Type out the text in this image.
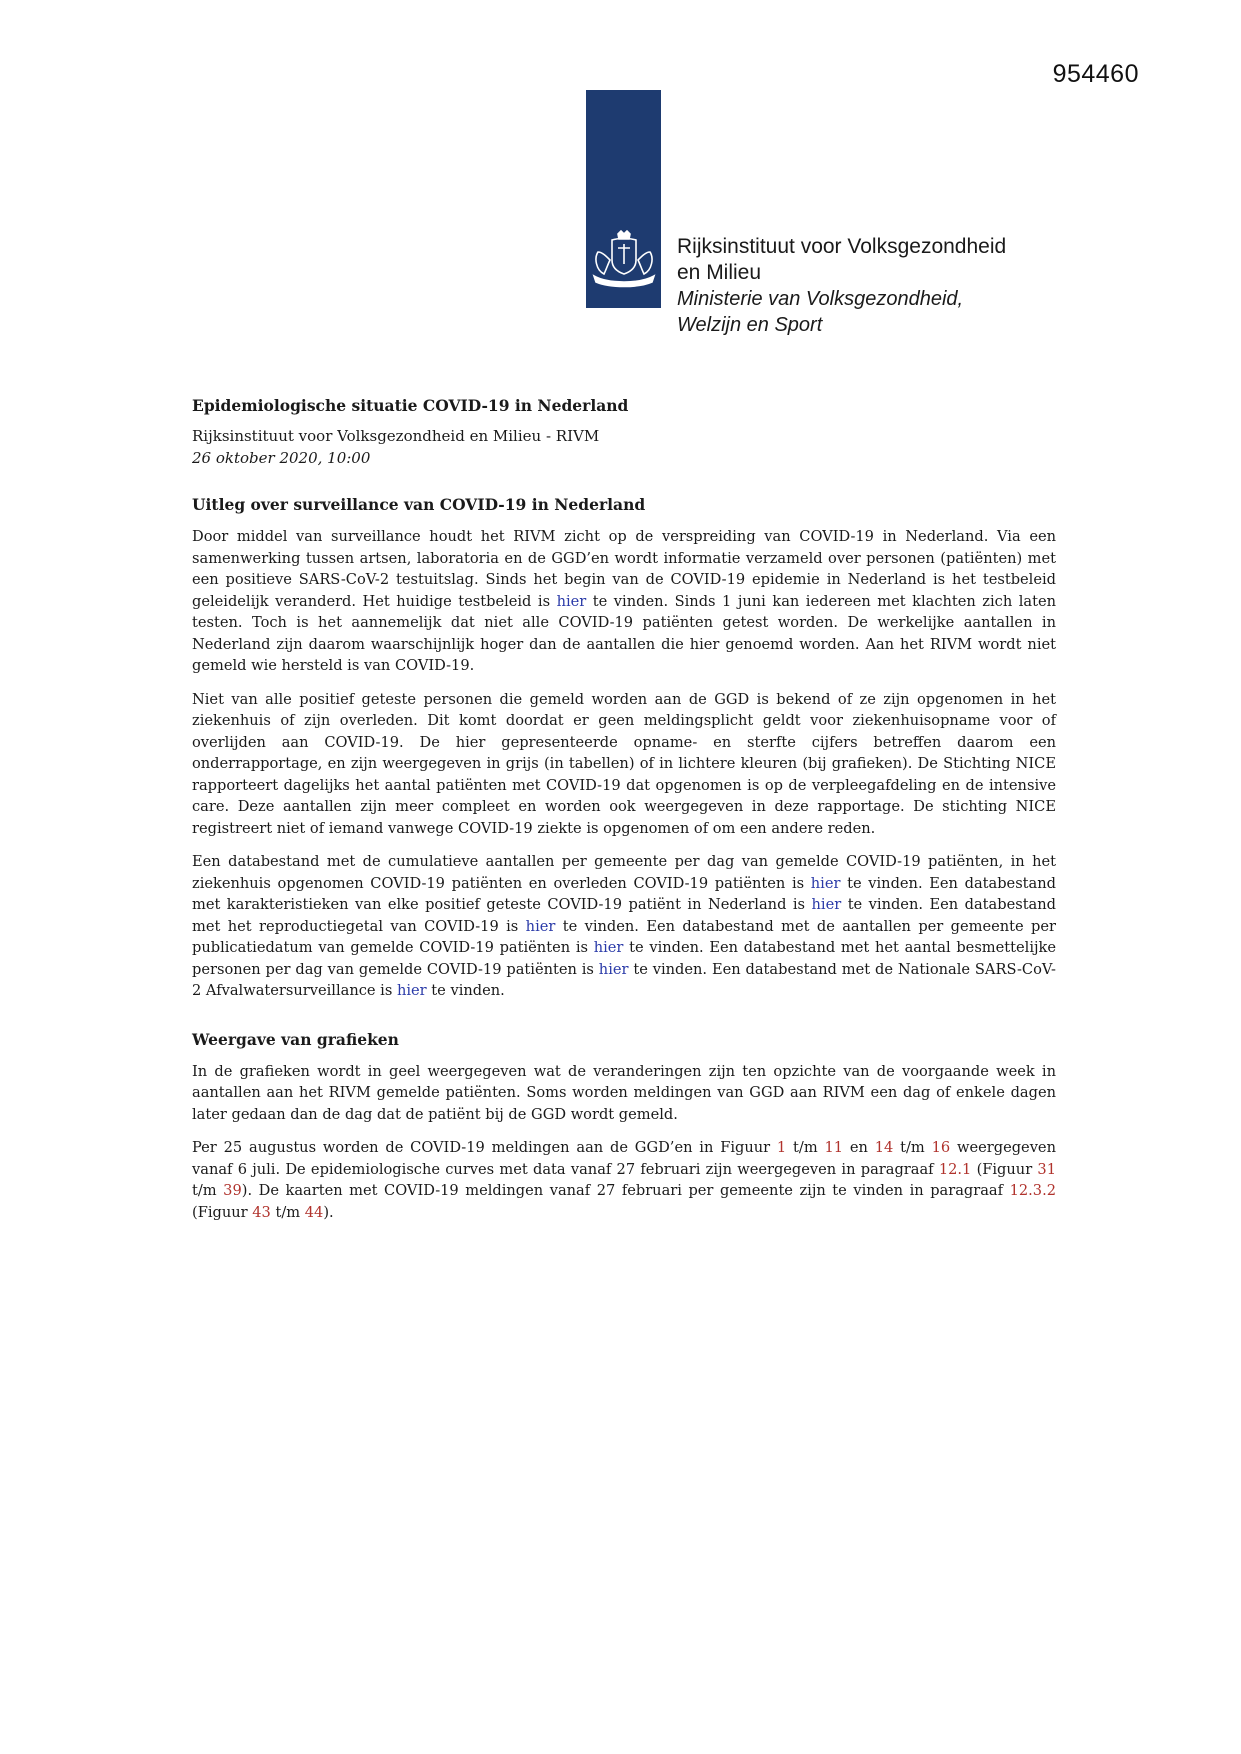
954460
Rijksinstituut voor Volksgezondheid
en Milieu
Ministerie van Volksgezondheid,
Welzijn en Sport
Epidemiologische situatie COVID-19 in Nederland
Rijksinstituut voor Volksgezondheid en Milieu - RIVM
26 oktober 2020, 10:00
Uitleg over surveillance van COVID-19 in Nederland

Door middel van surveillance houdt het RIVM zicht op de verspreiding van COVID-19 in Nederland. Via een samenwerking tussen artsen, laboratoria en de GGD’en wordt informatie verzameld over personen (patiënten) met een positieve SARS-CoV-2 testuitslag. Sinds het begin van de COVID-19 epidemie in Nederland is het testbeleid geleidelijk veranderd. Het huidige testbeleid is hier te vinden. Sinds 1 juni kan iedereen met klachten zich laten testen. Toch is het aannemelijk dat niet alle COVID-19 patiënten getest worden. De werkelijke aantallen in Nederland zijn daarom waarschijnlijk hoger dan de aantallen die hier genoemd worden. Aan het RIVM wordt niet gemeld wie hersteld is van COVID-19.

Niet van alle positief geteste personen die gemeld worden aan de GGD is bekend of ze zijn opgenomen in het ziekenhuis of zijn overleden. Dit komt doordat er geen meldingsplicht geldt voor ziekenhuisopname voor of overlijden aan COVID-19. De hier gepresenteerde opname- en sterfte cijfers betreffen daarom een onderrapportage, en zijn weergegeven in grijs (in tabellen) of in lichtere kleuren (bij grafieken). De Stichting NICE rapporteert dagelijks het aantal patiënten met COVID-19 dat opgenomen is op de verpleegafdeling en de intensive care. Deze aantallen zijn meer compleet en worden ook weergegeven in deze rapportage. De stichting NICE registreert niet of iemand vanwege COVID-19 ziekte is opgenomen of om een andere reden.

Een databestand met de cumulatieve aantallen per gemeente per dag van gemelde COVID-19 patiënten, in het ziekenhuis opgenomen COVID-19 patiënten en overleden COVID-19 patiënten is hier te vinden. Een databestand met karakteristieken van elke positief geteste COVID-19 patiënt in Nederland is hier te vinden. Een databestand met het reproductiegetal van COVID-19 is hier te vinden. Een databestand met de aantallen per gemeente per publicatiedatum van gemelde COVID-19 patiënten is hier te vinden. Een databestand met het aantal besmettelijke personen per dag van gemelde COVID-19 patiënten is hier te vinden. Een databestand met de Nationale SARS-CoV-2 Afvalwatersurveillance is hier te vinden.

Weergave van grafieken

In de grafieken wordt in geel weergegeven wat de veranderingen zijn ten opzichte van de voorgaande week in aantallen aan het RIVM gemelde patiënten. Soms worden meldingen van GGD aan RIVM een dag of enkele dagen later gedaan dan de dag dat de patiënt bij de GGD wordt gemeld.

Per 25 augustus worden de COVID-19 meldingen aan de GGD’en in Figuur 1 t/m 11 en 14 t/m 16 weergegeven vanaf 6 juli. De epidemiologische curves met data vanaf 27 februari zijn weergegeven in paragraaf 12.1 (Figuur 31 t/m 39). De kaarten met COVID-19 meldingen vanaf 27 februari per gemeente zijn te vinden in paragraaf 12.3.2 (Figuur 43 t/m 44).
